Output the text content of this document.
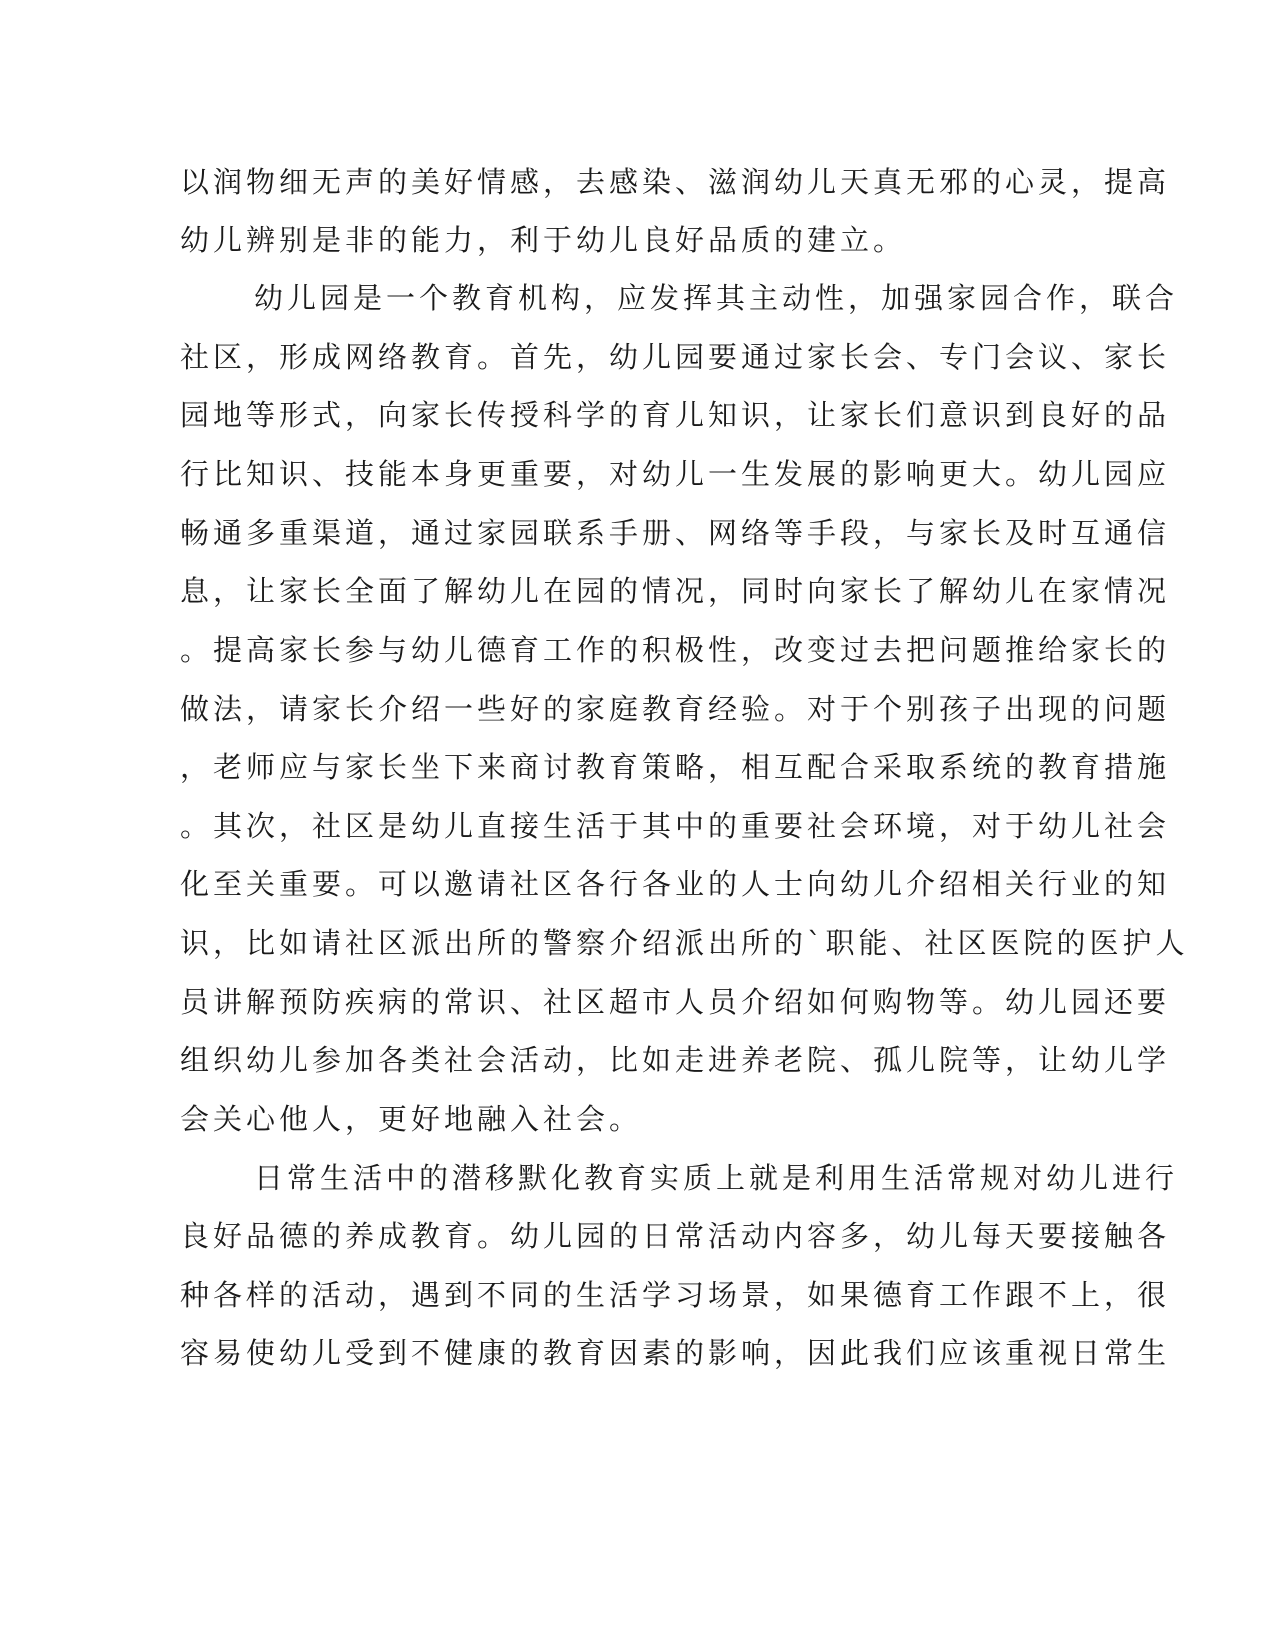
以润物细无声的美好情感，去感染、滋润幼儿天真无邪的心灵，提高
幼儿辨别是非的能力，利于幼儿良好品质的建立。
幼儿园是一个教育机构，应发挥其主动性，加强家园合作，联合
社区，形成网络教育。首先，幼儿园要通过家长会、专门会议、家长
园地等形式，向家长传授科学的育儿知识，让家长们意识到良好的品
行比知识、技能本身更重要，对幼儿一生发展的影响更大。幼儿园应
畅通多重渠道，通过家园联系手册、网络等手段，与家长及时互通信
息，让家长全面了解幼儿在园的情况，同时向家长了解幼儿在家情况
。提高家长参与幼儿德育工作的积极性，改变过去把问题推给家长的
做法，请家长介绍一些好的家庭教育经验。对于个别孩子出现的问题
，老师应与家长坐下来商讨教育策略，相互配合采取系统的教育措施
。其次，社区是幼儿直接生活于其中的重要社会环境，对于幼儿社会
化至关重要。可以邀请社区各行各业的人士向幼儿介绍相关行业的知
识，比如请社区派出所的警察介绍派出所的`职能、社区医院的医护人
员讲解预防疾病的常识、社区超市人员介绍如何购物等。幼儿园还要
组织幼儿参加各类社会活动，比如走进养老院、孤儿院等，让幼儿学
会关心他人，更好地融入社会。
日常生活中的潜移默化教育实质上就是利用生活常规对幼儿进行
良好品德的养成教育。幼儿园的日常活动内容多，幼儿每天要接触各
种各样的活动，遇到不同的生活学习场景，如果德育工作跟不上，很
容易使幼儿受到不健康的教育因素的影响，因此我们应该重视日常生
